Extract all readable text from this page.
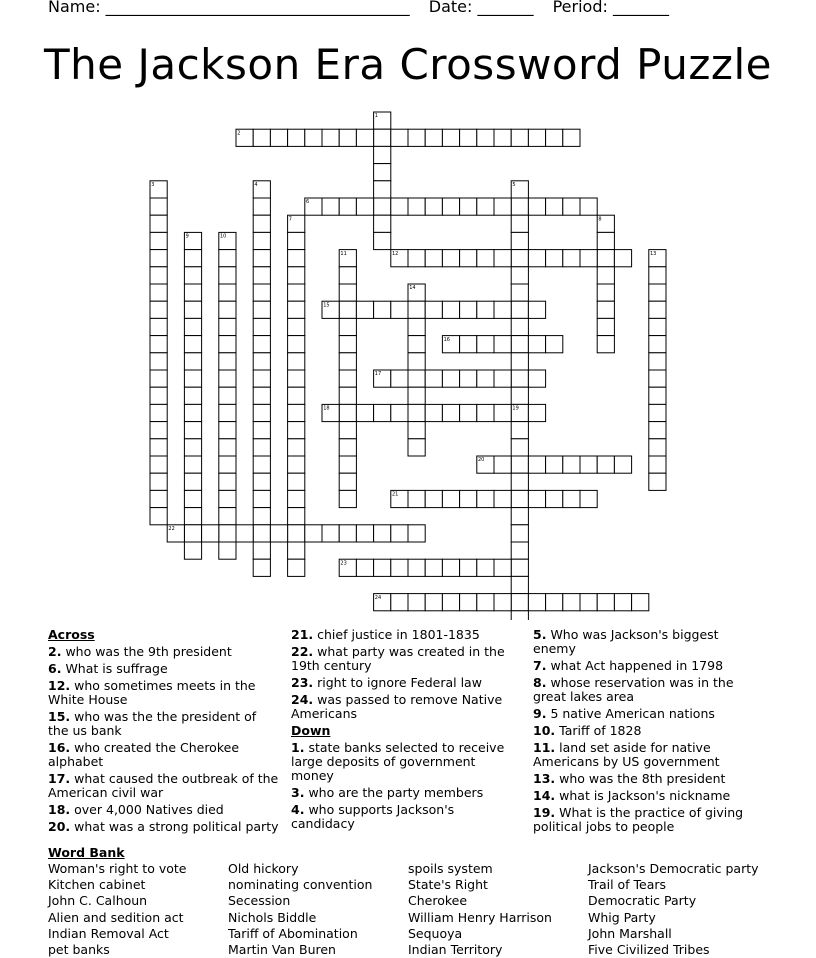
Name: ______________________________________ Date: _______ Period: _______
The Jackson Era Crossword Puzzle
1
2
3	4	5
19
6
7	8
9	10
11	12	13
14
15
16
17
18
20
21
22
23
24
Across
2. who was the 9th president
6. What is suffrage
12. who sometimes meets in the White House
15. who was the the president of the us bank
16. who created the Cherokee alphabet
17. what caused the outbreak of the American civil war
18. over 4,000 Natives died
20. what was a strong political party
21. chief justice in 1801-1835
22. what party was created in the 19th century
23. right to ignore Federal law
24. was passed to remove Native Americans
Down
1. state banks selected to receive large deposits of government money
3. who are the party members
4. who supports Jackson's candidacy
5. Who was Jackson's biggest enemy
7. what Act happened in 1798
8. whose reservation was in the great lakes area
9. 5 native American nations
10. Tariff of 1828
11. land set aside for native Americans by US government
13. who was the 8th president
14. what is Jackson's nickname
19. What is the practice of giving political jobs to people
Word Bank
Woman's right to vote
Kitchen cabinet
John C. Calhoun
Alien and sedition act
Indian Removal Act
pet banks
Old hickory
nominating convention
Secession
Nichols Biddle
Tariff of Abomination
Martin Van Buren
spoils system
State's Right
Cherokee
William Henry Harrison
Sequoya
Indian Territory
Jackson's Democratic party
Trail of Tears
Democratic Party
Whig Party
John Marshall
Five Civilized Tribes
